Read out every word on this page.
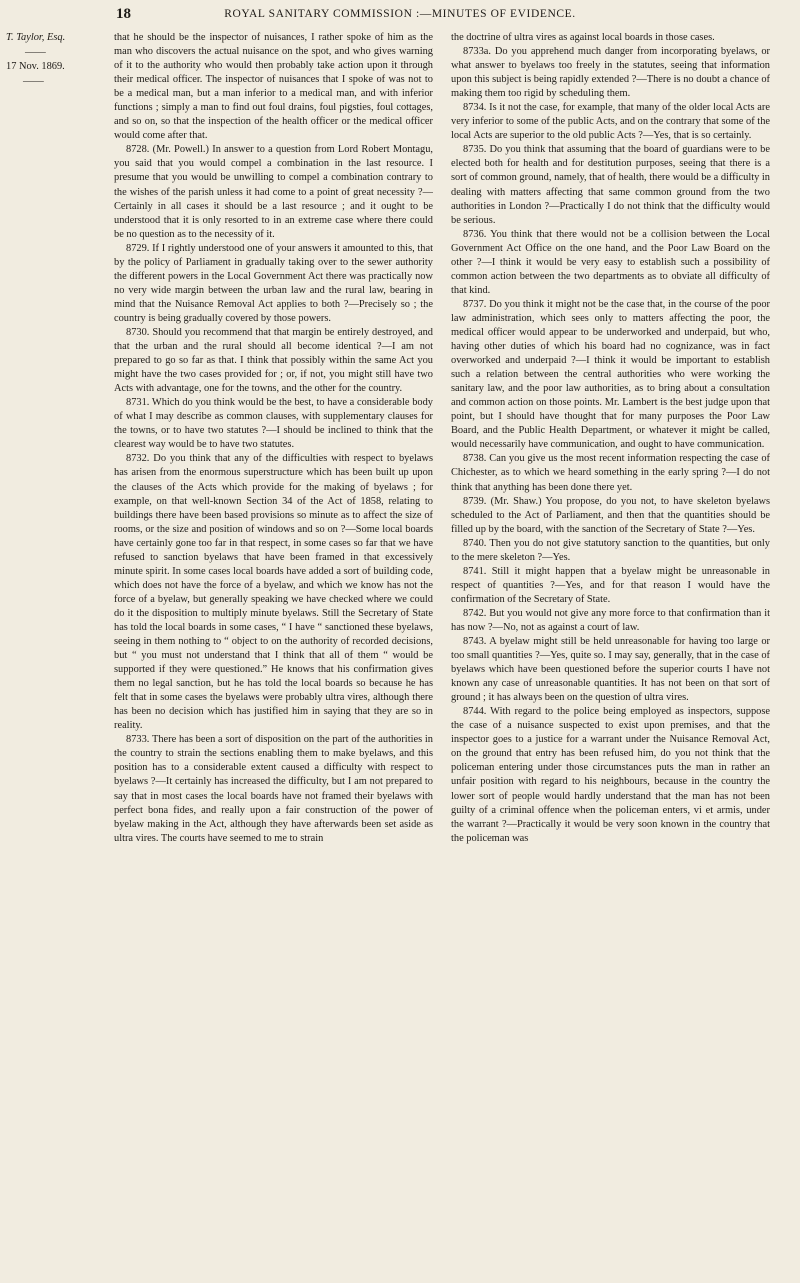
18	ROYAL SANITARY COMMISSION :—MINUTES OF EVIDENCE.
T. Taylor, Esq.
——
17 Nov. 1869.
——

that he should be the inspector of nuisances, I rather spoke of him as the man who discovers the actual nuisance on the spot, and who gives warning of it to the authority who would then probably take action upon it through their medical officer. The inspector of nuisances that I spoke of was not to be a medical man, but a man inferior to a medical man, and with inferior functions ; simply a man to find out foul drains, foul pigsties, foul cottages, and so on, so that the inspection of the health officer or the medical officer would come after that.

8728. (Mr. Powell.) In answer to a question from Lord Robert Montagu, you said that you would compel a combination in the last resource. I presume that you would be unwilling to compel a combination contrary to the wishes of the parish unless it had come to a point of great necessity ?—Certainly in all cases it should be a last resource ; and it ought to be understood that it is only resorted to in an extreme case where there could be no question as to the necessity of it.

8729. If I rightly understood one of your answers it amounted to this, that by the policy of Parliament in gradually taking over to the sewer authority the different powers in the Local Government Act there was practically now no very wide margin between the urban law and the rural law, bearing in mind that the Nuisance Removal Act applies to both ?—Precisely so ; the country is being gradually covered by those powers.

8730. Should you recommend that that margin be entirely destroyed, and that the urban and the rural should all become identical ?—I am not prepared to go so far as that. I think that possibly within the same Act you might have the two cases provided for ; or, if not, you might still have two Acts with advantage, one for the towns, and the other for the country.

8731. Which do you think would be the best, to have a considerable body of what I may describe as common clauses, with supplementary clauses for the towns, or to have two statutes ?—I should be inclined to think that the clearest way would be to have two statutes.

8732. Do you think that any of the difficulties with respect to byelaws has arisen from the enormous superstructure which has been built up upon the clauses of the Acts which provide for the making of byelaws ; for example, on that well-known Section 34 of the Act of 1858, relating to buildings there have been based provisions so minute as to affect the size of rooms, or the size and position of windows and so on ?—Some local boards have certainly gone too far in that respect, in some cases so far that we have refused to sanction byelaws that have been framed in that excessively minute spirit. In some cases local boards have added a sort of building code, which does not have the force of a byelaw, and which we know has not the force of a byelaw, but generally speaking we have checked where we could do it the disposition to multiply minute byelaws. Still the Secretary of State has told the local boards in some cases, “ I have “ sanctioned these byelaws, seeing in them nothing to “ object to on the authority of recorded decisions, but “ you must not understand that I think that all of them “ would be supported if they were questioned.” He knows that his confirmation gives them no legal sanction, but he has told the local boards so because he has felt that in some cases the byelaws were probably ultra vires, although there has been no decision which has justified him in saying that they are so in reality.

8733. There has been a sort of disposition on the part of the authorities in the country to strain the sections enabling them to make byelaws, and this position has to a considerable extent caused a difficulty with respect to byelaws ?—It certainly has increased the difficulty, but I am not prepared to say that in most cases the local boards have not framed their byelaws with perfect bona fides, and really upon a fair construction of the power of byelaw making in the Act, although they have afterwards been set aside as ultra vires. The courts have seemed to me to strain

the doctrine of ultra vires as against local boards in those cases.

8733a. Do you apprehend much danger from incorporating byelaws, or what answer to byelaws too freely in the statutes, seeing that information upon this subject is being rapidly extended ?—There is no doubt a chance of making them too rigid by scheduling them.

8734. Is it not the case, for example, that many of the older local Acts are very inferior to some of the public Acts, and on the contrary that some of the local Acts are superior to the old public Acts ?—Yes, that is so certainly.

8735. Do you think that assuming that the board of guardians were to be elected both for health and for destitution purposes, seeing that there is a sort of common ground, namely, that of health, there would be a difficulty in dealing with matters affecting that same common ground from the two authorities in London ?—Practically I do not think that the difficulty would be serious.

8736. You think that there would not be a collision between the Local Government Act Office on the one hand, and the Poor Law Board on the other ?—I think it would be very easy to establish such a possibility of common action between the two departments as to obviate all difficulty of that kind.

8737. Do you think it might not be the case that, in the course of the poor law administration, which sees only to matters affecting the poor, the medical officer would appear to be underworked and underpaid, but who, having other duties of which his board had no cognizance, was in fact overworked and underpaid ?—I think it would be important to establish such a relation between the central authorities who were working the sanitary law, and the poor law authorities, as to bring about a consultation and common action on those points. Mr. Lambert is the best judge upon that point, but I should have thought that for many purposes the Poor Law Board, and the Public Health Department, or whatever it might be called, would necessarily have communication, and ought to have communication.

8738. Can you give us the most recent information respecting the case of Chichester, as to which we heard something in the early spring ?—I do not think that anything has been done there yet.

8739. (Mr. Shaw.) You propose, do you not, to have skeleton byelaws scheduled to the Act of Parliament, and then that the quantities should be filled up by the board, with the sanction of the Secretary of State ?—Yes.

8740. Then you do not give statutory sanction to the quantities, but only to the mere skeleton ?—Yes.

8741. Still it might happen that a byelaw might be unreasonable in respect of quantities ?—Yes, and for that reason I would have the confirmation of the Secretary of State.

8742. But you would not give any more force to that confirmation than it has now ?—No, not as against a court of law.

8743. A byelaw might still be held unreasonable for having too large or too small quantities ?—Yes, quite so. I may say, generally, that in the case of byelaws which have been questioned before the superior courts I have not known any case of unreasonable quantities. It has not been on that sort of ground ; it has always been on the question of ultra vires.

8744. With regard to the police being employed as inspectors, suppose the case of a nuisance suspected to exist upon premises, and that the inspector goes to a justice for a warrant under the Nuisance Removal Act, on the ground that entry has been refused him, do you not think that the policeman entering under those circumstances puts the man in rather an unfair position with regard to his neighbours, because in the country the lower sort of people would hardly understand that the man has not been guilty of a criminal offence when the policeman enters, vi et armis, under the warrant ?—Practically it would be very soon known in the country that the policeman was
